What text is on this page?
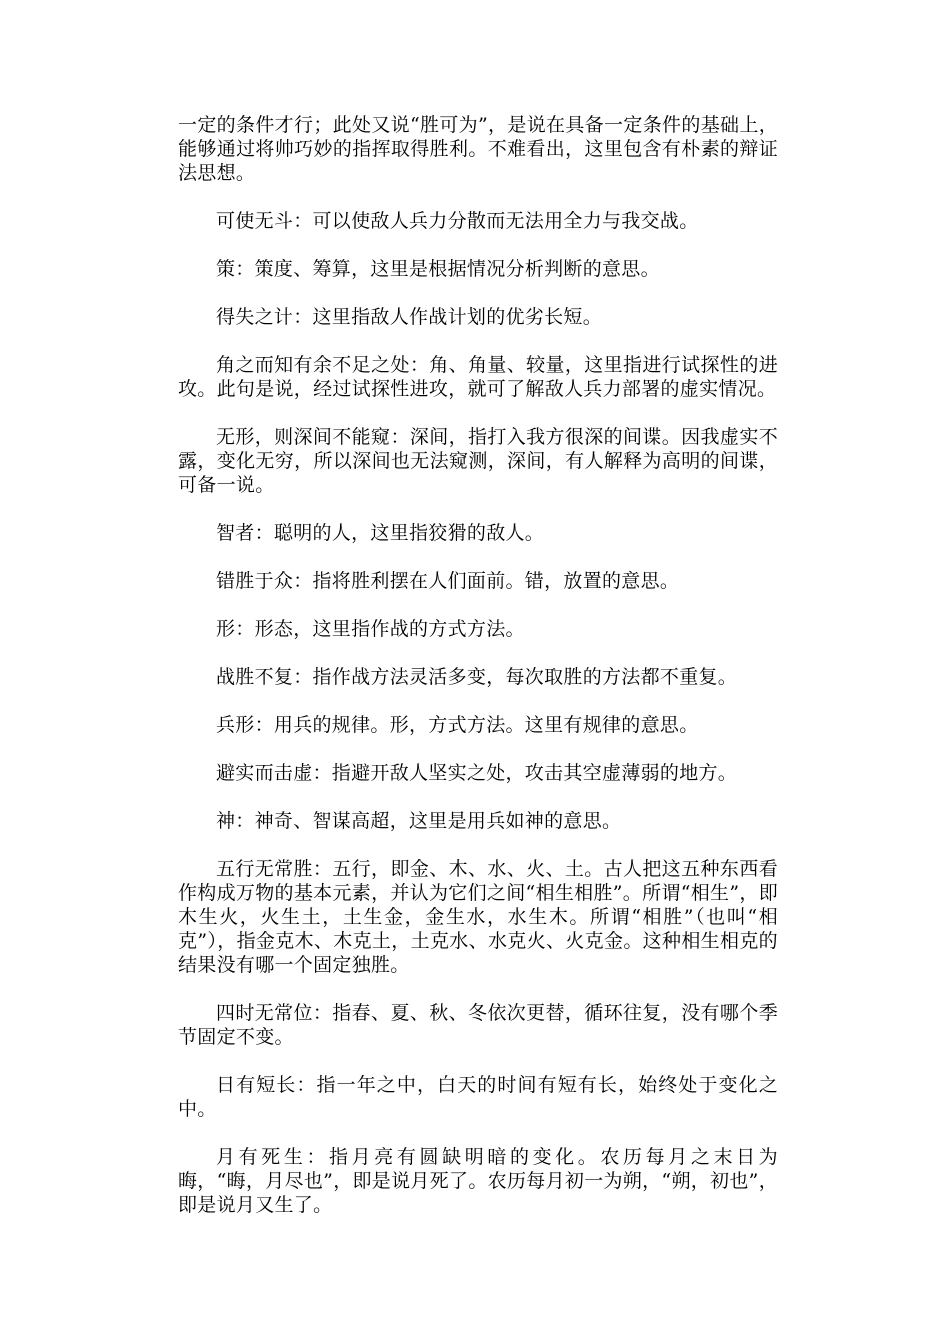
一定的条件才行；此处又说“胜可为”，是说在具备一定条件的基础上，能够通过将帅巧妙的指挥取得胜利。不难看出，这里包含有朴素的辩证法思想。

可使无斗：可以使敌人兵力分散而无法用全力与我交战。

策：策度、筹算，这里是根据情况分析判断的意思。

得失之计：这里指敌人作战计划的优劣长短。

角之而知有余不足之处：角、角量、较量，这里指进行试探性的进攻。此句是说，经过试探性进攻，就可了解敌人兵力部署的虚实情况。

无形，则深间不能窥：深间，指打入我方很深的间谍。因我虚实不露，变化无穷，所以深间也无法窥测，深间，有人解释为高明的间谍，可备一说。

智者：聪明的人，这里指狡猾的敌人。

错胜于众：指将胜利摆在人们面前。错，放置的意思。

形：形态，这里指作战的方式方法。

战胜不复：指作战方法灵活多变，每次取胜的方法都不重复。

兵形：用兵的规律。形，方式方法。这里有规律的意思。

避实而击虚：指避开敌人坚实之处，攻击其空虚薄弱的地方。

神：神奇、智谋高超，这里是用兵如神的意思。

五行无常胜：五行，即金、木、水、火、土。古人把这五种东西看作构成万物的基本元素，并认为它们之间“相生相胜”。所谓“相生”，即木生火，火生土，土生金，金生水，水生木。所谓“相胜”（也叫“相克”），指金克木、木克土，土克水、水克火、火克金。这种相生相克的结果没有哪一个固定独胜。

四时无常位：指春、夏、秋、冬依次更替，循环往复，没有哪个季节固定不变。

日有短长：指一年之中，白天的时间有短有长，始终处于变化之中。

月有死生：指月亮有圆缺明暗的变化。农历每月之末日为晦，“晦，月尽也”，即是说月死了。农历每月初一为朔，“朔，初也”，即是说月又生了。
